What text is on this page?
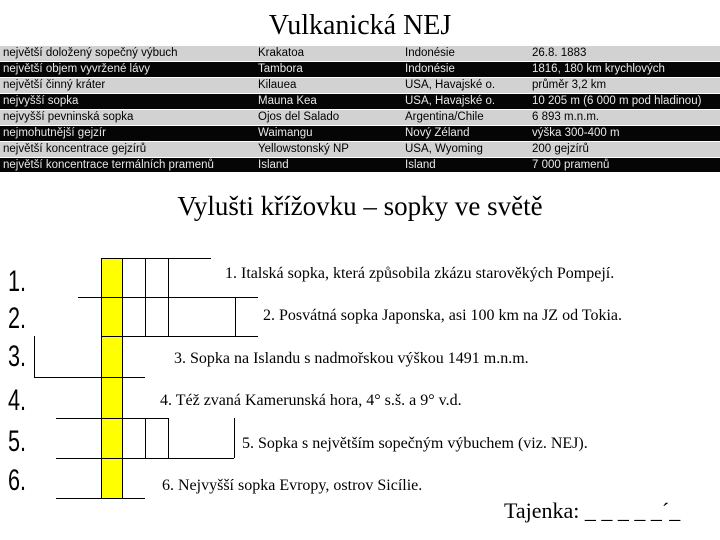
Vulkanická NEJ
největší doložený sopečný výbuch	Krakatoa	Indonésie	26.8. 1883
největší objem vyvržené lávy	Tambora	Indonésie	1816, 180 km krychlových
největší činný kráter	Kilauea	USA, Havajské o.	průměr 3,2 km
nejvyšší sopka	Mauna Kea	USA, Havajské o.	10 205 m (6 000 m pod hladinou)
nejvyšší pevninská sopka	Ojos del Salado	Argentina/Chile	6 893 m.n.m.
nejmohutnější gejzír	Waimangu	Nový Zéland	výška 300-400 m
největší koncentrace gejzírů	Yellowstonský NP	USA, Wyoming	200 gejzírů
největší koncentrace termálních pramenů	Island	Island	7 000 pramenů
Vylušti křížovku – sopky ve světě
1.
2.
3.
4.
5.
6.
1. Italská sopka, která způsobila zkázu starověkých Pompejí.
2. Posvátná sopka Japonska, asi 100 km na JZ od Tokia.
3. Sopka na Islandu s nadmořskou výškou 1491 m.n.m.
4. Též zvaná Kamerunská hora, 4° s.š. a 9° v.d.
5. Sopka s největším sopečným výbuchem (viz. NEJ).
6. Nejvyšší sopka Evropy, ostrov Sicílie.
Tajenka: _ _ _ _ _´_
